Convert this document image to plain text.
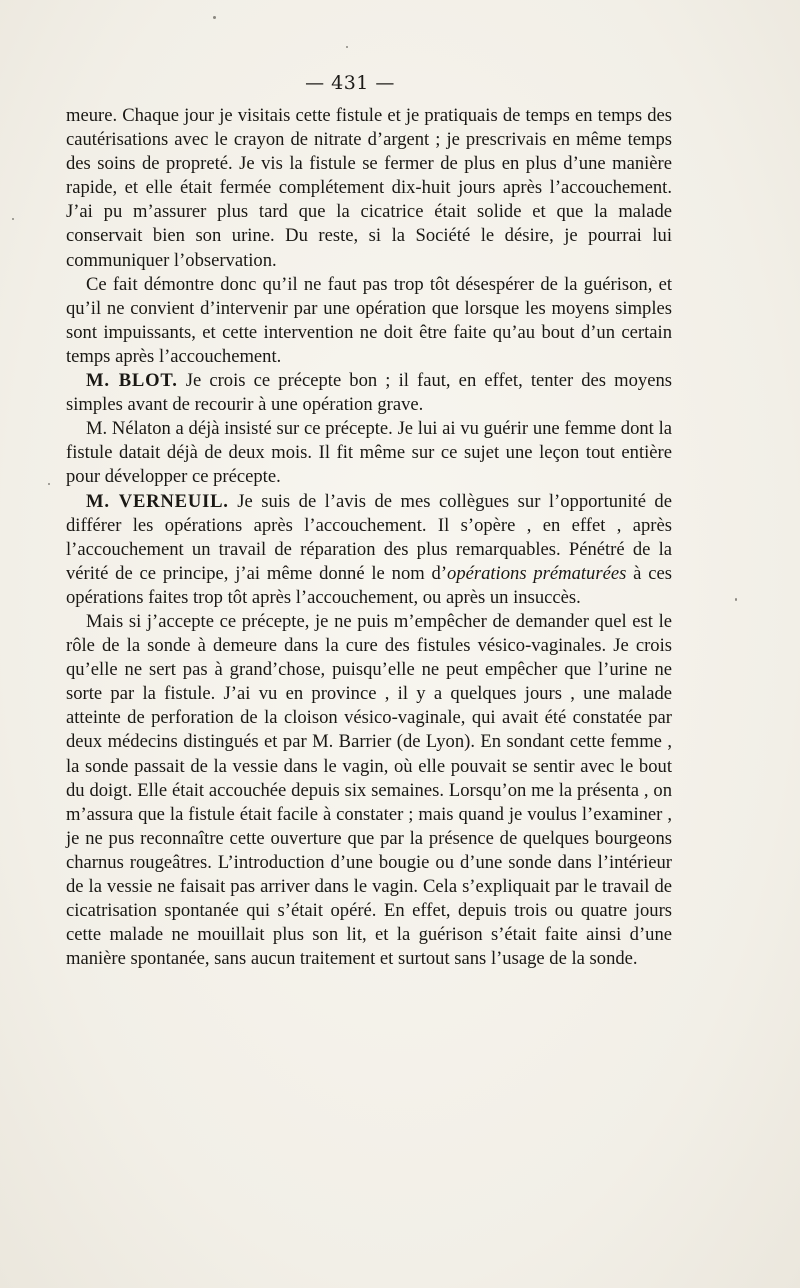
— 431 —

meure. Chaque jour je visitais cette fistule et je pratiquais de temps en temps des cautérisations avec le crayon de nitrate d’argent ; je prescrivais en même temps des soins de propreté. Je vis la fistule se fermer de plus en plus d’une manière rapide, et elle était fermée complétement dix-huit jours après l’accouchement. J’ai pu m’assurer plus tard que la cicatrice était solide et que la malade conservait bien son urine. Du reste, si la Société le désire, je pourrai lui communiquer l’observation.

Ce fait démontre donc qu’il ne faut pas trop tôt désespérer de la guérison, et qu’il ne convient d’intervenir par une opération que lorsque les moyens simples sont impuissants, et cette intervention ne doit être faite qu’au bout d’un certain temps après l’accouchement.

M. BLOT. Je crois ce précepte bon ; il faut, en effet, tenter des moyens simples avant de recourir à une opération grave.

M. Nélaton a déjà insisté sur ce précepte. Je lui ai vu guérir une femme dont la fistule datait déjà de deux mois. Il fit même sur ce sujet une leçon tout entière pour développer ce précepte.

M. VERNEUIL. Je suis de l’avis de mes collègues sur l’opportunité de différer les opérations après l’accouchement. Il s’opère , en effet , après l’accouchement un travail de réparation des plus remarquables. Pénétré de la vérité de ce principe, j’ai même donné le nom d’opérations prématurées à ces opérations faites trop tôt après l’accouchement, ou après un insuccès.

Mais si j’accepte ce précepte, je ne puis m’empêcher de demander quel est le rôle de la sonde à demeure dans la cure des fistules vésico-vaginales. Je crois qu’elle ne sert pas à grand’chose, puisqu’elle ne peut empêcher que l’urine ne sorte par la fistule. J’ai vu en province , il y a quelques jours , une malade atteinte de perforation de la cloison vésico-vaginale, qui avait été constatée par deux médecins distingués et par M. Barrier (de Lyon). En sondant cette femme , la sonde passait de la vessie dans le vagin, où elle pouvait se sentir avec le bout du doigt. Elle était accouchée depuis six semaines. Lorsqu’on me la présenta , on m’assura que la fistule était facile à constater ; mais quand je voulus l’examiner , je ne pus reconnaître cette ouverture que par la présence de quelques bourgeons charnus rougeâtres. L’introduction d’une bougie ou d’une sonde dans l’intérieur de la vessie ne faisait pas arriver dans le vagin. Cela s’expliquait par le travail de cicatrisation spontanée qui s’était opéré. En effet, depuis trois ou quatre jours cette malade ne mouillait plus son lit, et la guérison s’était faite ainsi d’une manière spontanée, sans aucun traitement et surtout sans l’usage de la sonde.
